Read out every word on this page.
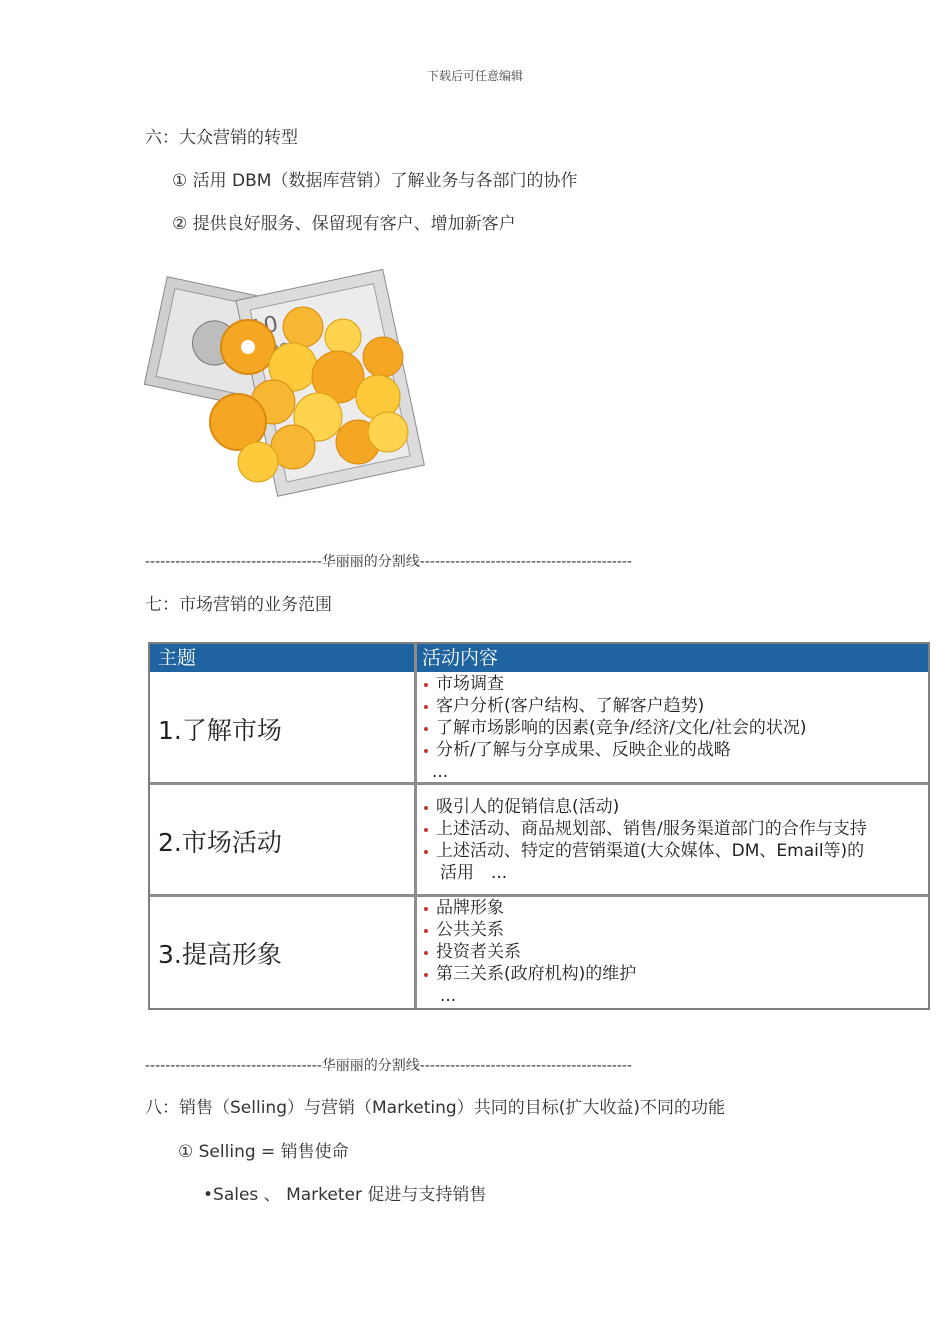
下载后可任意编辑
六：大众营销的转型
① 活用 DBM（数据库营销）了解业务与各部门的协作
② 提供良好服务、保留现有客户、增加新客户
-----------------------------------华丽丽的分割线------------------------------------------
七：市场营销的业务范围
主题	活动内容
1.了解市场
市场调查
客户分析(客户结构、了解客户趋势)
了解市场影响的因素(竞争/经济/文化/社会的状况)
分析/了解与分享成果、反映企业的战略
...
2.市场活动
吸引人的促销信息(活动)
上述活动、商品规划部、销售/服务渠道部门的合作与支持
上述活动、特定的营销渠道(大众媒体、DM、Email等)的
活用　...
3.提高形象
品牌形象
公共关系
投资者关系
第三关系(政府机构)的维护
...
-----------------------------------华丽丽的分割线------------------------------------------
八：销售（Selling）与营销（Marketing）共同的目标(扩大收益)不同的功能
① Selling = 销售使命
•Sales 、 Marketer 促进与支持销售
